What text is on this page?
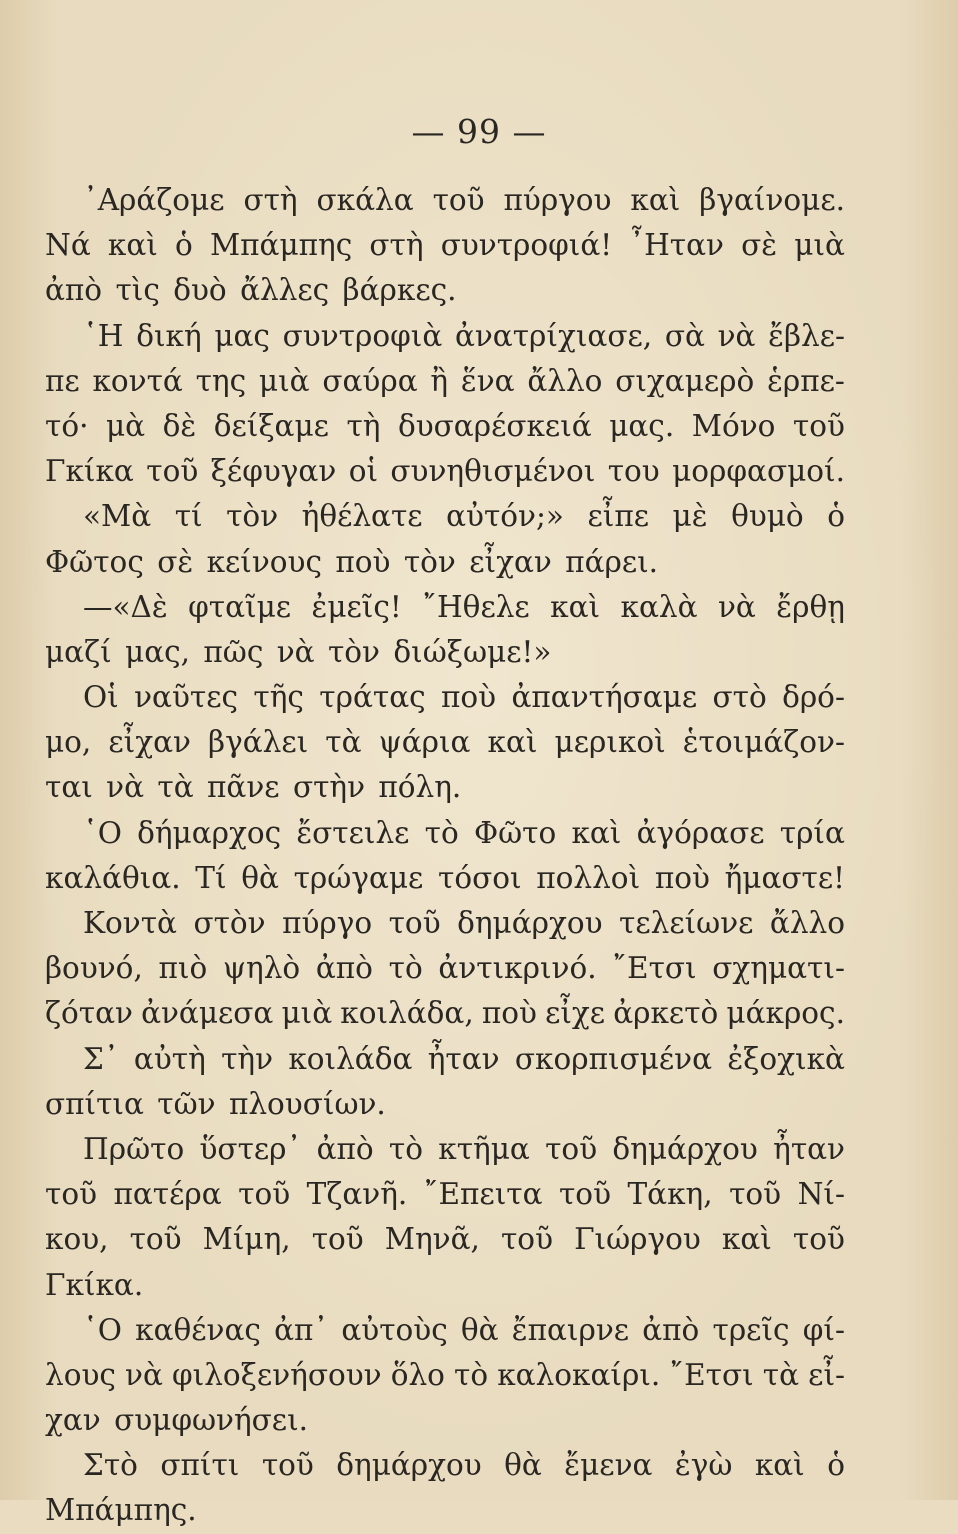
— 99 —
᾿Αράζομε στὴ σκάλα τοῦ πύργου καὶ βγαίνομε.
Νά καὶ ὁ Μπάμπης στὴ συντροφιά! ῏Ηταν σὲ μιὰ
ἀπὸ τὶς δυὸ ἄλλες βάρκες.
῾Η δική μας συντροφιὰ ἀνατρίχιασε, σὰ νὰ ἔβλε-
πε κοντά της μιὰ σαύρα ἢ ἕνα ἄλλο σιχαμερὸ ἑρπε-
τό· μὰ δὲ δείξαμε τὴ δυσαρέσκειά μας. Μόνο τοῦ
Γκίκα τοῦ ξέφυγαν οἱ συνηθισμένοι του μορφασμοί.
«Μὰ τί τὸν ἠθέλατε αὐτόν;» εἶπε μὲ θυμὸ ὁ
Φῶτος σὲ κείνους ποὺ τὸν εἶχαν πάρει.
—«Δὲ φταῖμε ἐμεῖς! ῎Ηθελε καὶ καλὰ νὰ ἔρθῃ
μαζί μας, πῶς νὰ τὸν διώξωμε!»
Οἱ ναῦτες τῆς τράτας ποὺ ἀπαντήσαμε στὸ δρό-
μο, εἶχαν βγάλει τὰ ψάρια καὶ μερικοὶ ἑτοιμάζον-
ται νὰ τὰ πᾶνε στὴν πόλη.
῾Ο δήμαρχος ἔστειλε τὸ Φῶτο καὶ ἀγόρασε τρία
καλάθια. Τί θὰ τρώγαμε τόσοι πολλοὶ ποὺ ἤμαστε!
Κοντὰ στὸν πύργο τοῦ δημάρχου τελείωνε ἄλλο
βουνό, πιὸ ψηλὸ ἀπὸ τὸ ἀντικρινό. ῎Ετσι σχηματι-
ζόταν ἀνάμεσα μιὰ κοιλάδα, ποὺ εἶχε ἀρκετὸ μάκρος.
Σ᾿ αὐτὴ τὴν κοιλάδα ἦταν σκορπισμένα ἐξοχικὰ
σπίτια τῶν πλουσίων.
Πρῶτο ὕστερ᾿ ἀπὸ τὸ κτῆμα τοῦ δημάρχου ἦταν
τοῦ πατέρα τοῦ Τζανῆ. ῎Επειτα τοῦ Τάκη, τοῦ Νί-
κου, τοῦ Μίμη, τοῦ Μηνᾶ, τοῦ Γιώργου καὶ τοῦ
Γκίκα.
῾Ο καθένας ἀπ᾿ αὐτοὺς θὰ ἔπαιρνε ἀπὸ τρεῖς φί-
λους νὰ φιλοξενήσουν ὅλο τὸ καλοκαίρι. ῎Ετσι τὰ εἶ-
χαν συμφωνήσει.
Στὸ σπίτι τοῦ δημάρχου θὰ ἔμενα ἐγὼ καὶ ὁ
Μπάμπης.
